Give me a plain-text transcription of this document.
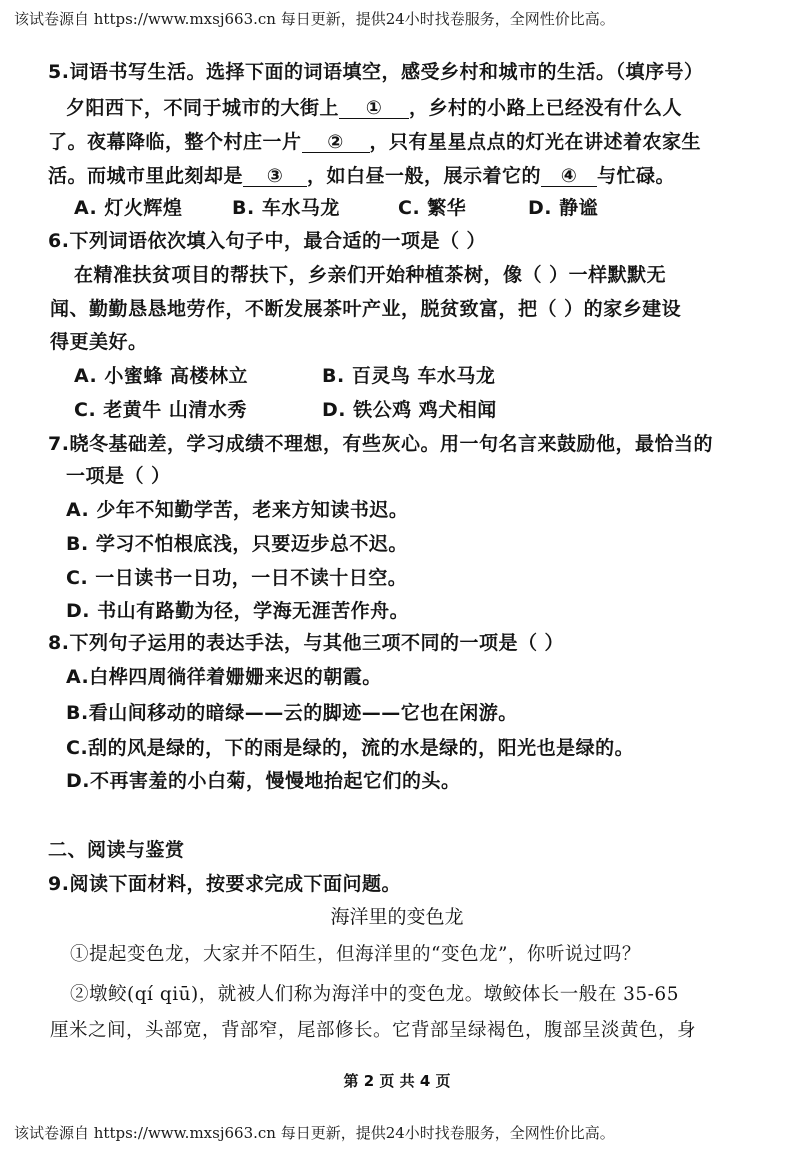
该试卷源自 https://www.mxsj663.cn 每日更新，提供24小时找卷服务，全网性价比高。
5.词语书写生活。选择下面的词语填空，感受乡村和城市的生活。（填序号）
夕阳西下，不同于城市的大街上 ① ，乡村的小路上已经没有什么人
了。夜幕降临，整个村庄一片 ② ，只有星星点点的灯光在讲述着农家生
活。而城市里此刻却是 ③ ，如白昼一般，展示着它的 ④ 与忙碌。
A. 灯火辉煌	B. 车水马龙	C. 繁华	D. 静谧
6.下列词语依次填入句子中，最合适的一项是（ ）
在精准扶贫项目的帮扶下，乡亲们开始种植茶树，像（ ）一样默默无
闻、勤勤恳恳地劳作，不断发展茶叶产业，脱贫致富，把（ ）的家乡建设
得更美好。
A. 小蜜蜂 高楼林立	B. 百灵鸟 车水马龙
C. 老黄牛 山清水秀	D. 铁公鸡 鸡犬相闻
7.晓冬基础差，学习成绩不理想，有些灰心。用一句名言来鼓励他，最恰当的
一项是（ ）
A. 少年不知勤学苦，老来方知读书迟。
B. 学习不怕根底浅，只要迈步总不迟。
C. 一日读书一日功，一日不读十日空。
D. 书山有路勤为径，学海无涯苦作舟。
8.下列句子运用的表达手法，与其他三项不同的一项是（ ）
A.白桦四周徜徉着姗姗来迟的朝霞。
B.看山间移动的暗绿——云的脚迹——它也在闲游。
C.刮的风是绿的，下的雨是绿的，流的水是绿的，阳光也是绿的。
D.不再害羞的小白菊，慢慢地抬起它们的头。
二、阅读与鉴赏
9.阅读下面材料，按要求完成下面问题。
海洋里的变色龙
①提起变色龙，大家并不陌生，但海洋里的“变色龙”，你听说过吗？
②墩鲛(qí qiū)，就被人们称为海洋中的变色龙。墩鲛体长一般在 35-65
厘米之间，头部宽，背部窄，尾部修长。它背部呈绿褐色，腹部呈淡黄色，身
第 2 页 共 4 页
该试卷源自 https://www.mxsj663.cn 每日更新，提供24小时找卷服务，全网性价比高。
